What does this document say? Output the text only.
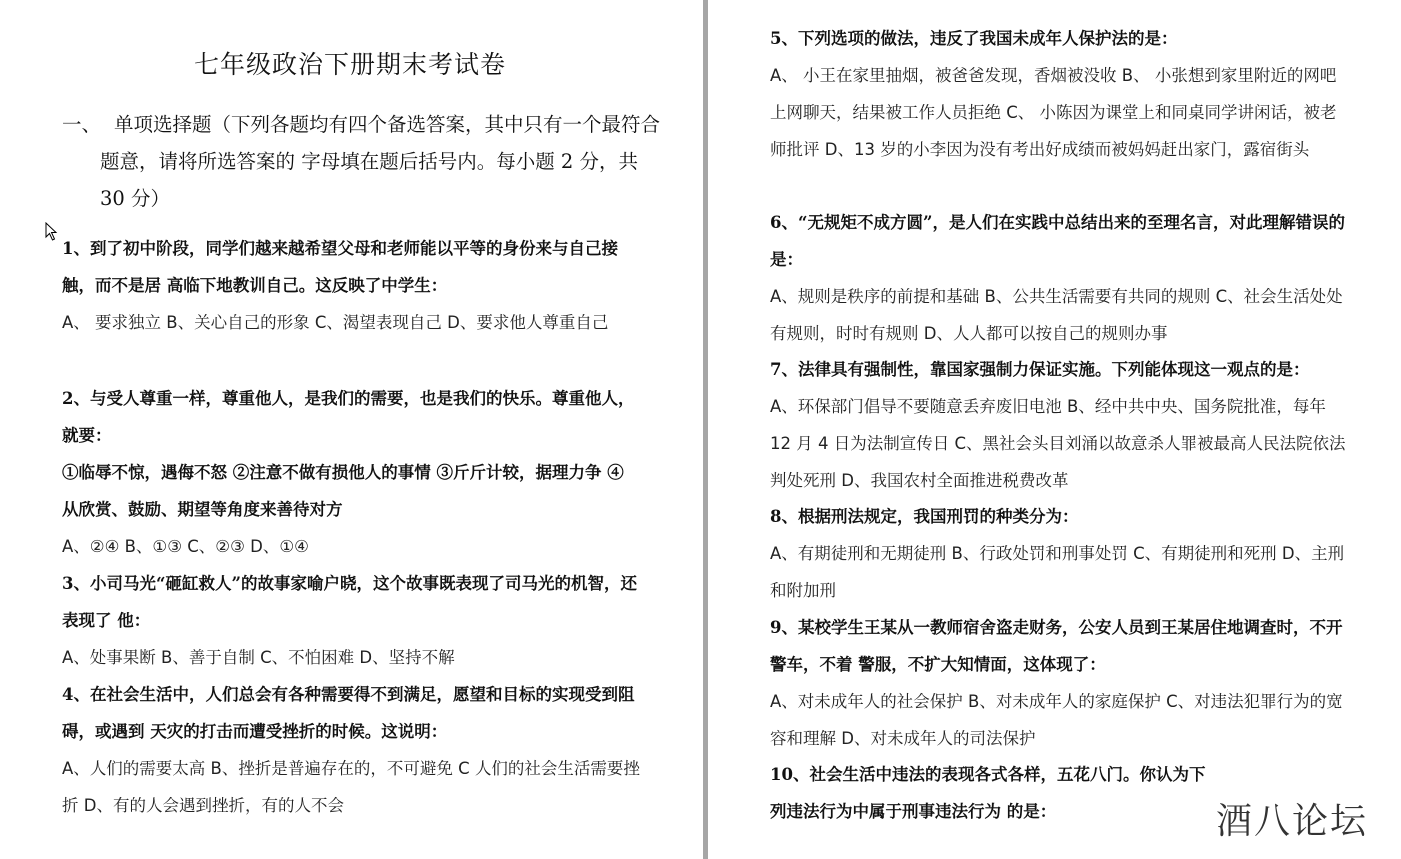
七年级政治下册期末考试卷
一、 单项选择题（下列各题均有四个备选答案，其中只有一个最符合题意，请将所选答案的 字母填在题后括号内。每小题 2 分，共 30 分）
1、到了初中阶段，同学们越来越希望父母和老师能以平等的身份来与自己接触，而不是居 高临下地教训自己。这反映了中学生：
A、 要求独立 B、关心自己的形象 C、渴望表现自己 D、要求他人尊重自己
2、与受人尊重一样，尊重他人，是我们的需要，也是我们的快乐。尊重他人，就要：
①临辱不惊，遇侮不怒 ②注意不做有损他人的事情 ③斤斤计较，据理力争 ④从欣赏、鼓励、期望等角度来善待对方
A、②④ B、①③ C、②③ D、①④
3、小司马光“砸缸救人”的故事家喻户晓，这个故事既表现了司马光的机智，还表现了 他：
A、处事果断 B、善于自制 C、不怕困难 D、坚持不解
4、在社会生活中，人们总会有各种需要得不到满足，愿望和目标的实现受到阻碍，或遇到 天灾的打击而遭受挫折的时候。这说明：
A、人们的需要太高 B、挫折是普遍存在的，不可避免 C 人们的社会生活需要挫折 D、有的人会遇到挫折，有的人不会
5、下列选项的做法，违反了我国未成年人保护法的是：
A、 小王在家里抽烟，被爸爸发现，香烟被没收 B、 小张想到家里附近的网吧上网聊天，结果被工作人员拒绝 C、 小陈因为课堂上和同桌同学讲闲话，被老师批评 D、13 岁的小李因为没有考出好成绩而被妈妈赶出家门，露宿街头
6、“无规矩不成方圆”，是人们在实践中总结出来的至理名言，对此理解错误的是：
A、规则是秩序的前提和基础 B、公共生活需要有共同的规则 C、社会生活处处有规则，时时有规则 D、人人都可以按自己的规则办事
7、法律具有强制性，靠国家强制力保证实施。下列能体现这一观点的是：
A、环保部门倡导不要随意丢弃废旧电池 B、经中共中央、国务院批准，每年 12 月 4 日为法制宣传日 C、黑社会头目刘涌以故意杀人罪被最高人民法院依法判处死刑 D、我国农村全面推进税费改革
8、根据刑法规定，我国刑罚的种类分为：
A、有期徒刑和无期徒刑 B、行政处罚和刑事处罚 C、有期徒刑和死刑 D、主刑和附加刑
9、某校学生王某从一教师宿舍盗走财务，公安人员到王某居住地调查时，不开警车，不着 警服，不扩大知情面，这体现了：
A、对未成年人的社会保护 B、对未成年人的家庭保护 C、对违法犯罪行为的宽容和理解 D、对未成年人的司法保护
10、社会生活中违法的表现各式各样，五花八门。你认为下列违法行为中属于刑事违法行为 的是：	酒八论坛
